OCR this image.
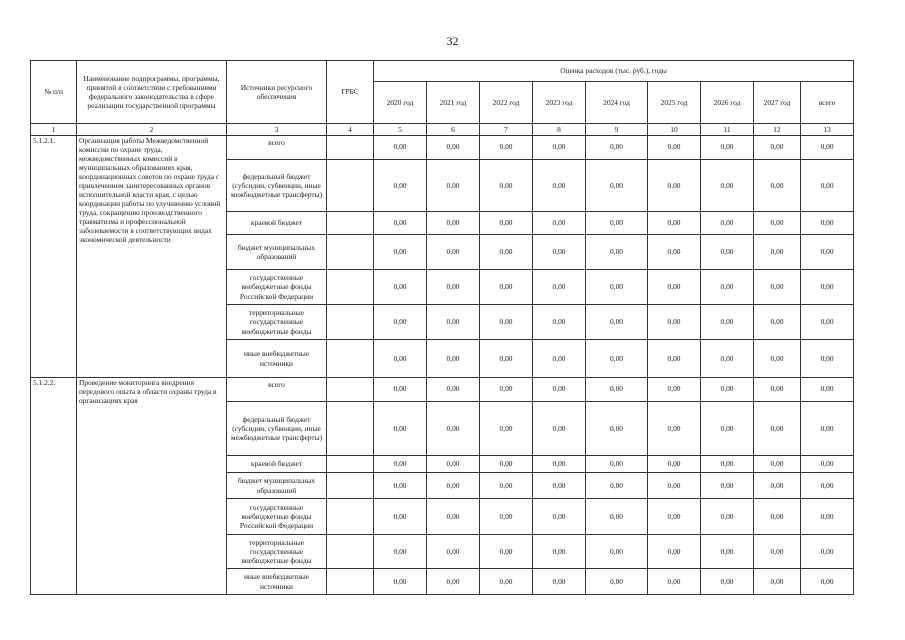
32
№ п/п	Наименование подпрограммы, программы, принятой в соответствии с требованиями федерального законодательства в сфере реализации государственной программы	Источники ресурсного обеспечения	ГРБС	Оценка расходов (тыс. руб.), годы								
				2020 год	2021 год	2022 год	2023 год	2024 год	2025 год	2026 год	2027 год	всего
1	2	3	4	5	6	7	8	9	10	11	12	13
5.1.2.1.	Организация работы Межведомственной комиссии по охране труда, межведомственных комиссий в муниципальных образованиях края, координационных советов по охране труда с привлечением заинтересованных органов исполнительной власти края, с целью координации работы по улучшению условий труда, сокращению производственного травматизма и профессиональной заболеваемости в соответствующих видах экономической деятельности	всего		0,00	0,00	0,00	0,00	0,00	0,00	0,00	0,00	0,00
		федеральный бюджет (субсидии, субвенции, иные межбюджетные трансферты)		0,00	0,00	0,00	0,00	0,00	0,00	0,00	0,00	0,00
		краевой бюджет		0,00	0,00	0,00	0,00	0,00	0,00	0,00	0,00	0,00
		бюджет муниципальных образований		0,00	0,00	0,00	0,00	0,00	0,00	0,00	0,00	0,00
		государственные внебюджетные фонды Российской Федерации		0,00	0,00	0,00	0,00	0,00	0,00	0,00	0,00	0,00
		территориальные государственные внебюджетные фонды		0,00	0,00	0,00	0,00	0,00	0,00	0,00	0,00	0,00
		иные внебюджетные источники		0,00	0,00	0,00	0,00	0,00	0,00	0,00	0,00	0,00
5.1.2.2.	Проведение мониторинга внедрения передового опыта в области охраны труда в организациях края	всего		0,00	0,00	0,00	0,00	0,00	0,00	0,00	0,00	0,00
		федеральный бюджет (субсидии, субвенции, иные межбюджетные трансферты)		0,00	0,00	0,00	0,00	0,00	0,00	0,00	0,00	0,00
		краевой бюджет		0,00	0,00	0,00	0,00	0,00	0,00	0,00	0,00	0,00
		бюджет муниципальных образований		0,00	0,00	0,00	0,00	0,00	0,00	0,00	0,00	0,00
		государственные внебюджетные фонды Российской Федерации		0,00	0,00	0,00	0,00	0,00	0,00	0,00	0,00	0,00
		территориальные государственные внебюджетные фонды		0,00	0,00	0,00	0,00	0,00	0,00	0,00	0,00	0,00
		иные внебюджетные источники		0,00	0,00	0,00	0,00	0,00	0,00	0,00	0,00	0,00
